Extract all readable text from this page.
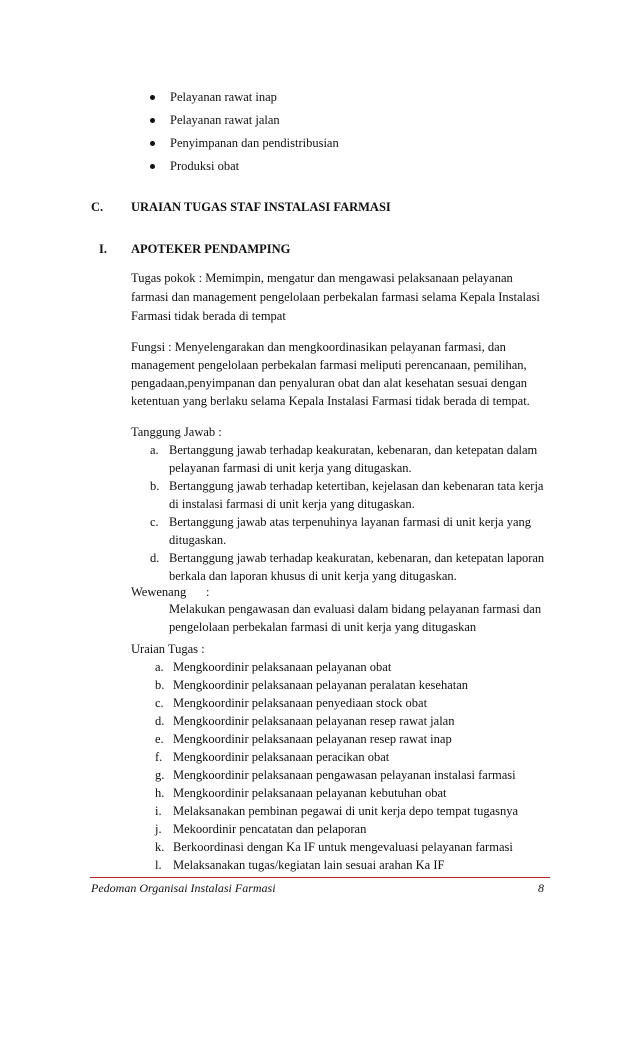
Pelayanan rawat inap
Pelayanan rawat jalan
Penyimpanan dan pendistribusian
Produksi obat
C. URAIAN TUGAS STAF INSTALASI FARMASI
I. APOTEKER PENDAMPING
Tugas pokok : Memimpin, mengatur dan mengawasi pelaksanaan pelayanan
farmasi dan management pengelolaan perbekalan farmasi selama Kepala Instalasi
Farmasi tidak berada di tempat
Fungsi : Menyelengarakan dan mengkoordinasikan pelayanan farmasi, dan
management pengelolaan perbekalan farmasi meliputi perencanaan, pemilihan,
pengadaan,penyimpanan dan penyaluran obat dan alat kesehatan sesuai dengan
ketentuan yang berlaku selama Kepala Instalasi Farmasi tidak berada di tempat.
Tanggung Jawab :
a. Bertanggung jawab terhadap keakuratan, kebenaran, dan ketepatan dalam
pelayanan farmasi di unit kerja yang ditugaskan.
b. Bertanggung jawab terhadap ketertiban, kejelasan dan kebenaran tata kerja
di instalasi farmasi di unit kerja yang ditugaskan.
c. Bertanggung jawab atas terpenuhinya layanan farmasi di unit kerja yang
ditugaskan.
d. Bertanggung jawab terhadap keakuratan, kebenaran, dan ketepatan laporan
berkala dan laporan khusus di unit kerja yang ditugaskan.
Wewenang :
Melakukan pengawasan dan evaluasi dalam bidang pelayanan farmasi dan
pengelolaan perbekalan farmasi di unit kerja yang ditugaskan
Uraian Tugas :
a. Mengkoordinir pelaksanaan pelayanan obat
b. Mengkoordinir pelaksanaan pelayanan peralatan kesehatan
c. Mengkoordinir pelaksanaan penyediaan stock obat
d. Mengkoordinir pelaksanaan pelayanan resep rawat jalan
e. Mengkoordinir pelaksanaan pelayanan resep rawat inap
f. Mengkoordinir pelaksanaan peracikan obat
g. Mengkoordinir pelaksanaan pengawasan pelayanan instalasi farmasi
h. Mengkoordinir pelaksanaan pelayanan kebutuhan obat
i. Melaksanakan pembinan pegawai di unit kerja depo tempat tugasnya
j. Mekoordinir pencatatan dan pelaporan
k. Berkoordinasi dengan Ka IF untuk mengevaluasi pelayanan farmasi
l. Melaksanakan tugas/kegiatan lain sesuai arahan Ka IF
Pedoman Organisai Instalasi Farmasi	8
